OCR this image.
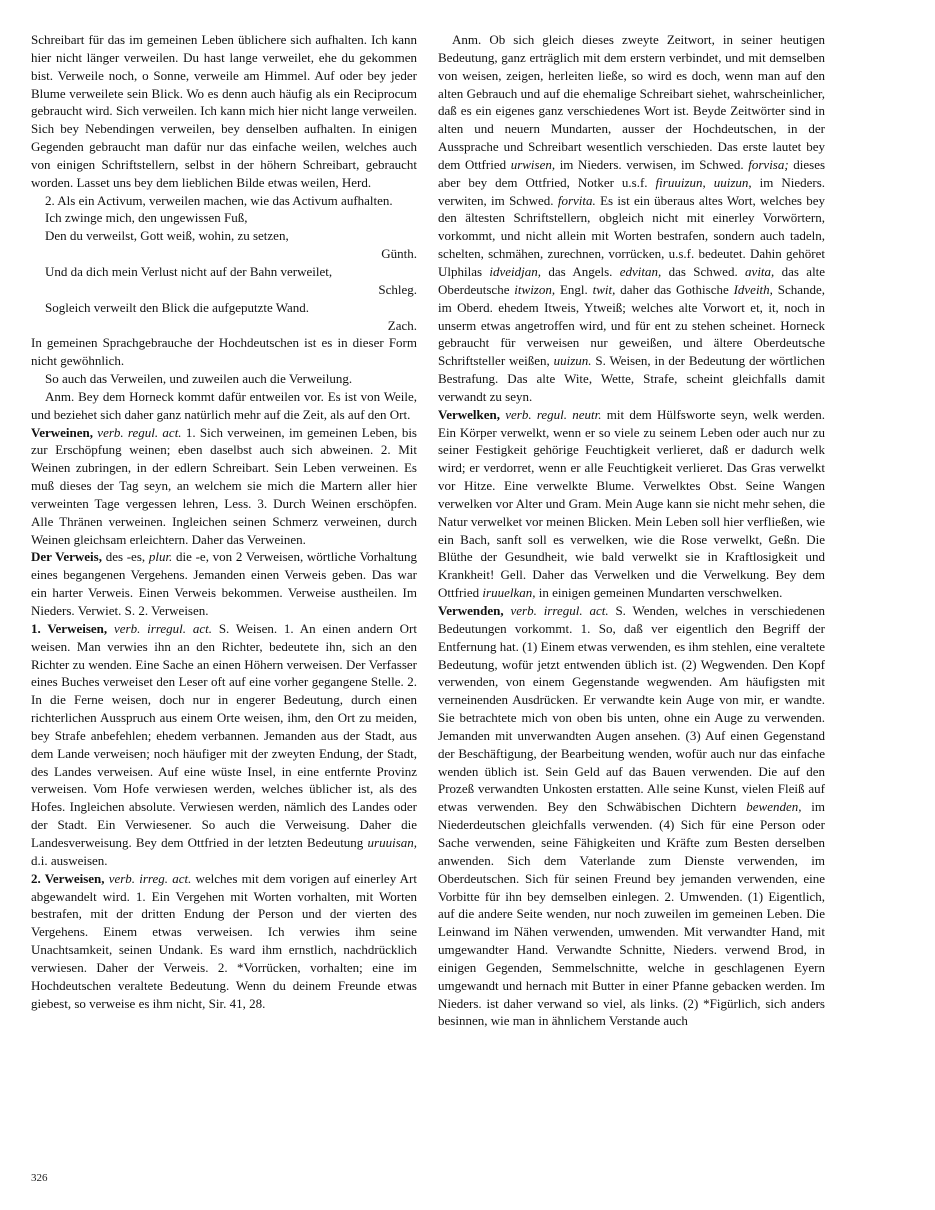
Schreibart für das im gemeinen Leben üblichere sich aufhalten. Ich kann hier nicht länger verweilen. Du hast lange verweilet, ehe du gekommen bist. Verweile noch, o Sonne, verweile am Himmel. Auf oder bey jeder Blume verweilete sein Blick. Wo es denn auch häufig als ein Reciprocum gebraucht wird. Sich verweilen. Ich kann mich hier nicht lange verweilen. Sich bey Nebendingen verweilen, bey denselben aufhalten. In einigen Gegenden gebraucht man dafür nur das einfache weilen, welches auch von einigen Schriftstellern, selbst in der höhern Schreibart, gebraucht worden. Lasset uns bey dem lieblichen Bilde etwas weilen, Herd.

2. Als ein Activum, verweilen machen, wie das Activum aufhalten.

Ich zwinge mich, den ungewissen Fuß,

Den du verweilst, Gott weiß, wohin, zu setzen,

Günth.

Und da dich mein Verlust nicht auf der Bahn verweilet,

Schleg.

Sogleich verweilt den Blick die aufgeputzte Wand.

Zach.

In gemeinen Sprachgebrauche der Hochdeutschen ist es in dieser Form nicht gewöhnlich.

So auch das Verweilen, und zuweilen auch die Verweilung.

Anm. Bey dem Horneck kommt dafür entweilen vor. Es ist von Weile, und beziehet sich daher ganz natürlich mehr auf die Zeit, als auf den Ort.

Verweinen, verb. regul. act. 1. Sich verweinen, im gemeinen Leben, bis zur Erschöpfung weinen; eben daselbst auch sich abweinen. 2. Mit Weinen zubringen, in der edlern Schreibart. Sein Leben verweinen. Es muß dieses der Tag seyn, an welchem sie mich die Martern aller hier verweinten Tage vergessen lehren, Less. 3. Durch Weinen erschöpfen. Alle Thränen verweinen. Ingleichen seinen Schmerz verweinen, durch Weinen gleichsam erleichtern. Daher das Verweinen.

Der Verweis, des -es, plur. die -e, von 2 Verweisen, wörtliche Vorhaltung eines begangenen Vergehens. Jemanden einen Verweis geben. Das war ein harter Verweis. Einen Verweis bekommen. Verweise austheilen. Im Nieders. Verwiet. S. 2. Verweisen.

1. Verweisen, verb. irregul. act. S. Weisen. 1. An einen andern Ort weisen. Man verwies ihn an den Richter, bedeutete ihn, sich an den Richter zu wenden. Eine Sache an einen Höhern verweisen. Der Verfasser eines Buches verweiset den Leser oft auf eine vorher gegangene Stelle. 2. In die Ferne weisen, doch nur in engerer Bedeutung, durch einen richterlichen Ausspruch aus einem Orte weisen, ihm, den Ort zu meiden, bey Strafe anbefehlen; ehedem verbannen. Jemanden aus der Stadt, aus dem Lande verweisen; noch häufiger mit der zweyten Endung, der Stadt, des Landes verweisen. Auf eine wüste Insel, in eine entfernte Provinz verweisen. Vom Hofe verwiesen werden, welches üblicher ist, als des Hofes. Ingleichen absolute. Verwiesen werden, nämlich des Landes oder der Stadt. Ein Verwiesener. So auch die Verweisung. Daher die Landesverweisung. Bey dem Ottfried in der letzten Bedeutung uruuisan, d.i. ausweisen.

2. Verweisen, verb. irreg. act. welches mit dem vorigen auf einerley Art abgewandelt wird. 1. Ein Vergehen mit Worten vorhalten, mit Worten bestrafen, mit der dritten Endung der Person und der vierten des Vergehens. Einem etwas verweisen. Ich verwies ihm seine Unachtsamkeit, seinen Undank. Es ward ihm ernstlich, nachdrücklich verwiesen. Daher der Verweis. 2. *Vorrücken, vorhalten; eine im Hochdeutschen veraltete Bedeutung. Wenn du deinem Freunde etwas giebest, so verweise es ihm nicht, Sir. 41, 28.

Anm. Ob sich gleich dieses zweyte Zeitwort, in seiner heutigen Bedeutung, ganz erträglich mit dem erstern verbindet, und mit demselben von weisen, zeigen, herleiten ließe, so wird es doch, wenn man auf den alten Gebrauch und auf die ehemalige Schreibart siehet, wahrscheinlicher, daß es ein eigenes ganz verschiedenes Wort ist. Beyde Zeitwörter sind in alten und neuern Mundarten, ausser der Hochdeutschen, in der Aussprache und Schreibart wesentlich verschieden. Das erste lautet bey dem Ottfried urwisen, im Nieders. verwisen, im Schwed. forvisa; dieses aber bey dem Ottfried, Notker u.s.f. firuuizun, uuizun, im Nieders. verwiten, im Schwed. forvita. Es ist ein überaus altes Wort, welches bey den ältesten Schriftstellern, obgleich nicht mit einerley Vorwörtern, vorkommt, und nicht allein mit Worten bestrafen, sondern auch tadeln, schelten, schmähen, zurechnen, vorrücken, u.s.f. bedeutet. Dahin gehöret Ulphilas idveidjan, das Angels. edvitan, das Schwed. avita, das alte Oberdeutsche itwizon, Engl. twit, daher das Gothische Idveith, Schande, im Oberd. ehedem Itweis, Ytweiß; welches alte Vorwort et, it, noch in unserm etwas angetroffen wird, und für ent zu stehen scheinet. Horneck gebraucht für verweisen nur geweißen, und ältere Oberdeutsche Schriftsteller weißen, uuizun. S. Weisen, in der Bedeutung der wörtlichen Bestrafung. Das alte Wite, Wette, Strafe, scheint gleichfalls damit verwandt zu seyn.

Verwelken, verb. regul. neutr. mit dem Hülfsworte seyn, welk werden. Ein Körper verwelkt, wenn er so viele zu seinem Leben oder auch nur zu seiner Festigkeit gehörige Feuchtigkeit verlieret, daß er dadurch welk wird; er verdorret, wenn er alle Feuchtigkeit verlieret. Das Gras verwelkt vor Hitze. Eine verwelkte Blume. Verwelktes Obst. Seine Wangen verwelken vor Alter und Gram. Mein Auge kann sie nicht mehr sehen, die Natur verwelket vor meinen Blicken. Mein Leben soll hier verfließen, wie ein Bach, sanft soll es verwelken, wie die Rose verwelkt, Geßn. Die Blüthe der Gesundheit, wie bald verwelkt sie in Kraftlosigkeit und Krankheit! Gell. Daher das Verwelken und die Verwelkung. Bey dem Ottfried iruuelkan, in einigen gemeinen Mundarten verschwelken.

Verwenden, verb. irregul. act. S. Wenden, welches in verschiedenen Bedeutungen vorkommt. 1. So, daß ver eigentlich den Begriff der Entfernung hat. (1) Einem etwas verwenden, es ihm stehlen, eine veraltete Bedeutung, wofür jetzt entwenden üblich ist. (2) Wegwenden. Den Kopf verwenden, von einem Gegenstande wegwenden. Am häufigsten mit verneinenden Ausdrücken. Er verwandte kein Auge von mir, er wandte. Sie betrachtete mich von oben bis unten, ohne ein Auge zu verwenden. Jemanden mit unverwandten Augen ansehen. (3) Auf einen Gegenstand der Beschäftigung, der Bearbeitung wenden, wofür auch nur das einfache wenden üblich ist. Sein Geld auf das Bauen verwenden. Die auf den Prozeß verwandten Unkosten erstatten. Alle seine Kunst, vielen Fleiß auf etwas verwenden. Bey den Schwäbischen Dichtern bewenden, im Niederdeutschen gleichfalls verwenden. (4) Sich für eine Person oder Sache verwenden, seine Fähigkeiten und Kräfte zum Besten derselben anwenden. Sich dem Vaterlande zum Dienste verwenden, im Oberdeutschen. Sich für seinen Freund bey jemanden verwenden, eine Vorbitte für ihn bey demselben einlegen. 2. Umwenden. (1) Eigentlich, auf die andere Seite wenden, nur noch zuweilen im gemeinen Leben. Die Leinwand im Nähen verwenden, umwenden. Mit verwandter Hand, mit umgewandter Hand. Verwandte Schnitte, Nieders. verwend Brod, in einigen Gegenden, Semmelschnitte, welche in geschlagenen Eyern umgewandt und hernach mit Butter in einer Pfanne gebacken werden. Im Nieders. ist daher verwand so viel, als links. (2) *Figürlich, sich anders besinnen, wie man in ähnlichem Verstande auch

326
